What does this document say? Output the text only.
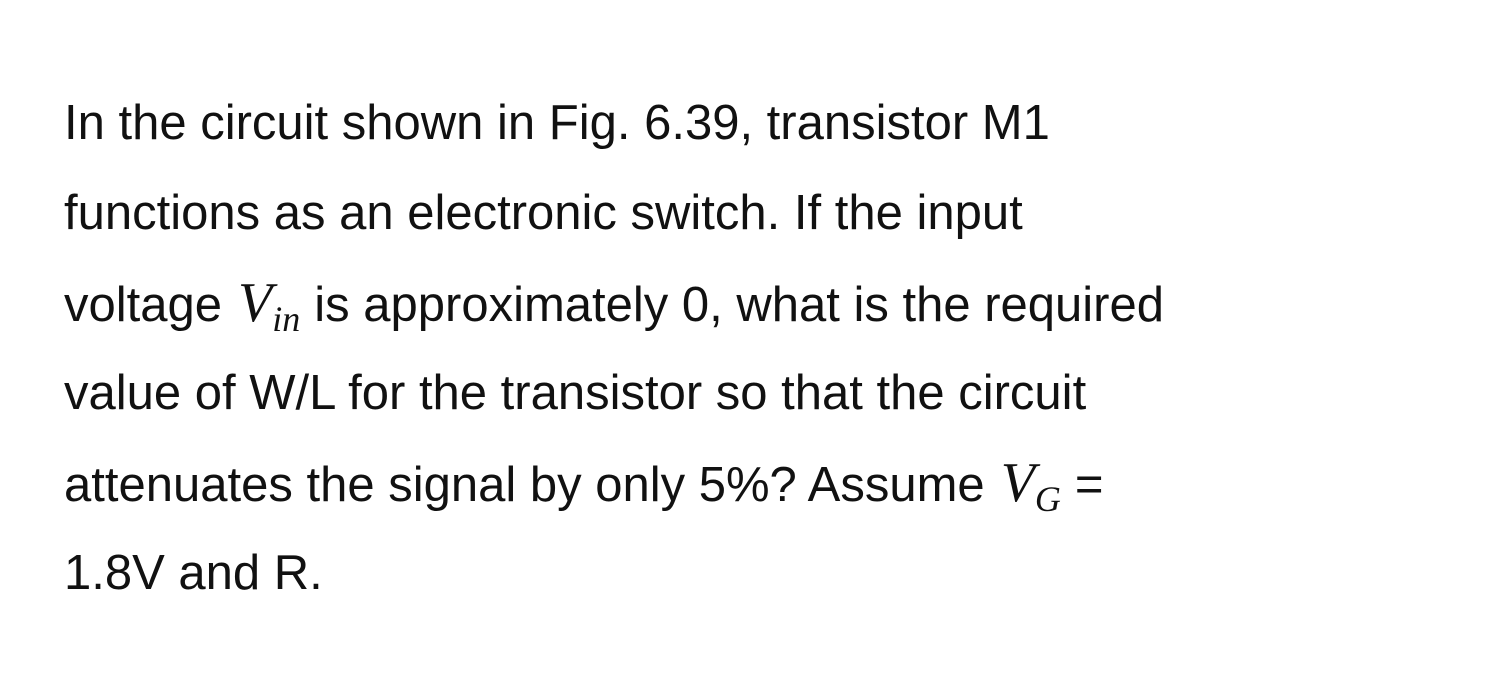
In the circuit shown in Fig. 6.39, transistor M1
functions as an electronic switch. If the input
voltage $V_{in}$ is approximately 0, what is the required
value of W/L for the transistor so that the circuit
attenuates the signal by only 5%? Assume $V_G$ =
1.8V and R.
